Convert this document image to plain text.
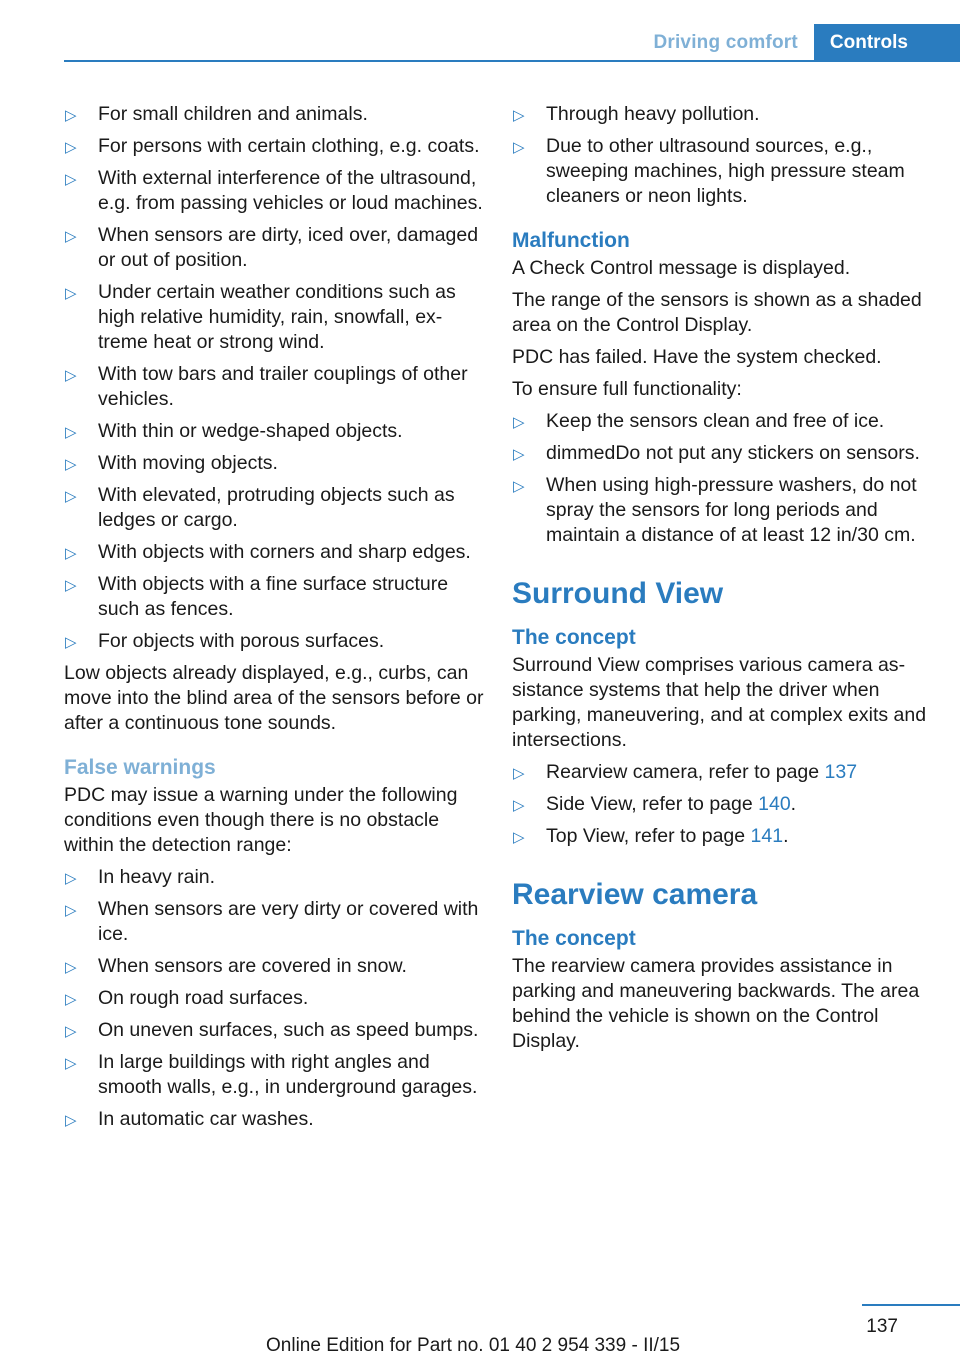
Driving comfort	Controls
▷ For small children and animals.
▷ For persons with certain clothing, e.g. coats.
▷ With external interference of the ultrasound, e.g. from passing vehicles or loud machines.
▷ When sensors are dirty, iced over, damaged or out of position.
▷ Under certain weather conditions such as high relative humidity, rain, snowfall, extreme heat or strong wind.
▷ With tow bars and trailer couplings of other vehicles.
▷ With thin or wedge-shaped objects.
▷ With moving objects.
▷ With elevated, protruding objects such as ledges or cargo.
▷ With objects with corners and sharp edges.
▷ With objects with a fine surface structure such as fences.
▷ For objects with porous surfaces.

Low objects already displayed, e.g., curbs, can move into the blind area of the sensors before or after a continuous tone sounds.

False warnings

PDC may issue a warning under the following conditions even though there is no obstacle within the detection range:

▷ In heavy rain.
▷ When sensors are very dirty or covered with ice.
▷ When sensors are covered in snow.
▷ On rough road surfaces.
▷ On uneven surfaces, such as speed bumps.
▷ In large buildings with right angles and smooth walls, e.g., in underground garages.
▷ In automatic car washes.
▷ Through heavy pollution.
▷ Due to other ultrasound sources, e.g., sweeping machines, high pressure steam cleaners or neon lights.
Malfunction

A Check Control message is displayed.

The range of the sensors is shown as a shaded area on the Control Display.

PDC has failed. Have the system checked.

To ensure full functionality:

▷ Keep the sensors clean and free of ice.
▷ dimmedDo not put any stickers on sensors.
▷ When using high-pressure washers, do not spray the sensors for long periods and maintain a distance of at least 12 in/30 cm.
Surround View
The concept

Surround View comprises various camera assistance systems that help the driver when parking, maneuvering, and at complex exits and intersections.

▷ Rearview camera, refer to page 137
▷ Side View, refer to page 140.
▷ Top View, refer to page 141.
Rearview camera
The concept

The rearview camera provides assistance in parking and maneuvering backwards. The area behind the vehicle is shown on the Control Display.

137
Online Edition for Part no. 01 40 2 954 339 - II/15
